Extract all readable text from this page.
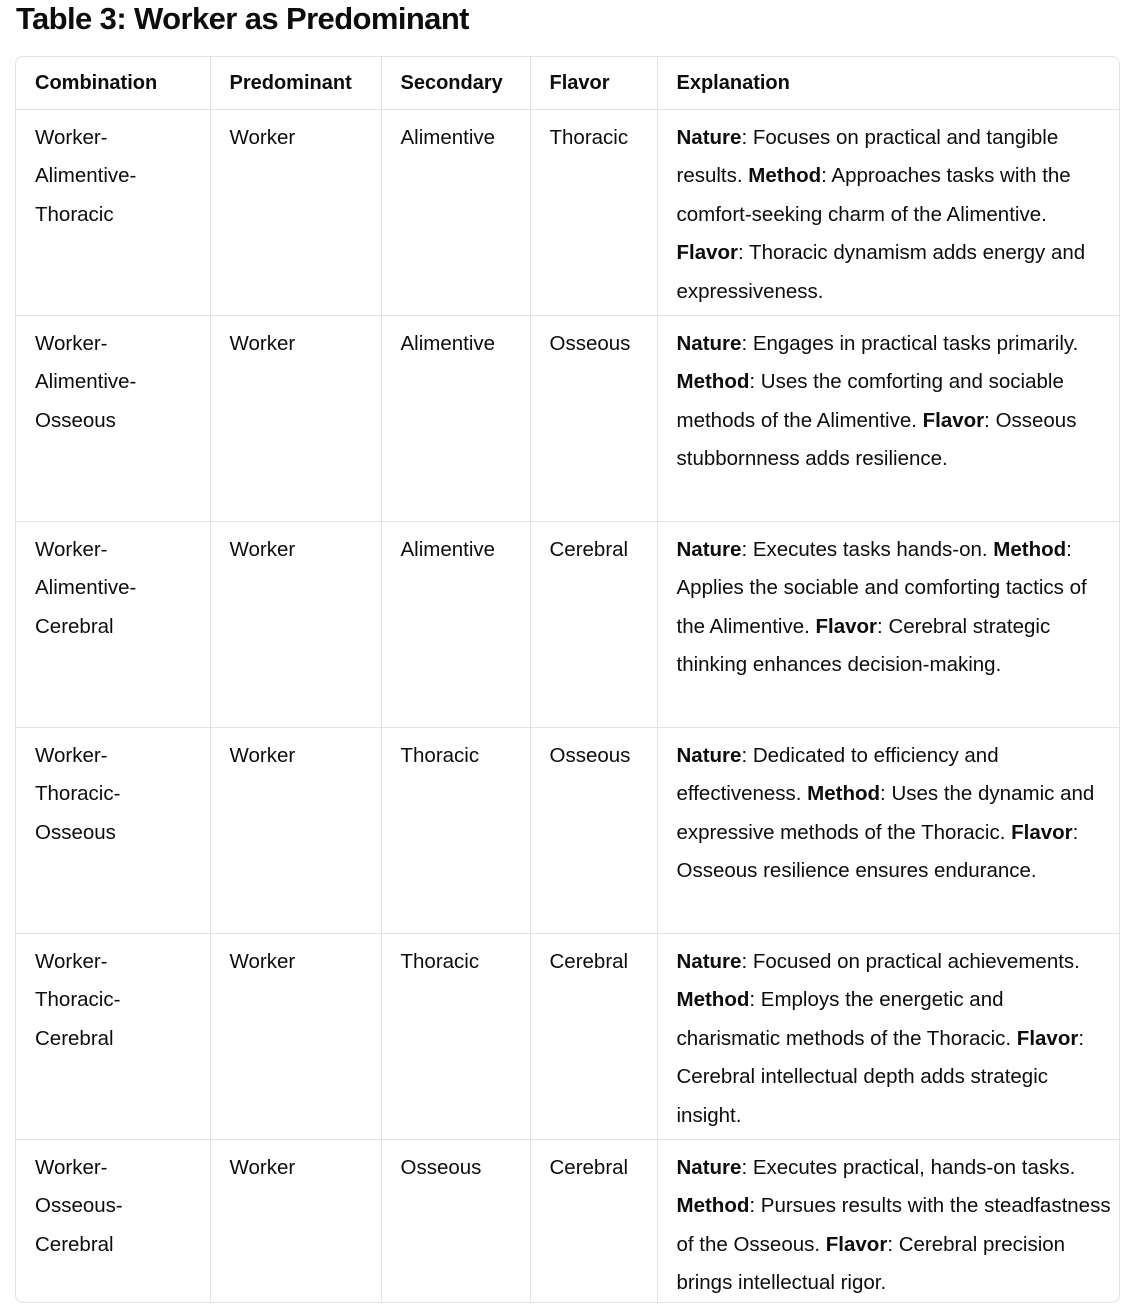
Table 3: Worker as Predominant
Combination	Predominant	Secondary	Flavor	Explanation
Worker-
Alimentive-
Thoracic	Worker	Alimentive	Thoracic	Nature: Focuses on practical and tangible results. Method: Approaches tasks with the comfort-seeking charm of the Alimentive. Flavor: Thoracic dynamism adds energy and expressiveness.
Worker-
Alimentive-
Osseous	Worker	Alimentive	Osseous	Nature: Engages in practical tasks primarily. Method: Uses the comforting and sociable methods of the Alimentive. Flavor: Osseous stubbornness adds resilience.
Worker-
Alimentive-
Cerebral	Worker	Alimentive	Cerebral	Nature: Executes tasks hands-on. Method: Applies the sociable and comforting tactics of the Alimentive. Flavor: Cerebral strategic thinking enhances decision-making.
Worker-
Thoracic-
Osseous	Worker	Thoracic	Osseous	Nature: Dedicated to efficiency and effectiveness. Method: Uses the dynamic and expressive methods of the Thoracic. Flavor: Osseous resilience ensures endurance.
Worker-
Thoracic-
Cerebral	Worker	Thoracic	Cerebral	Nature: Focused on practical achievements. Method: Employs the energetic and charismatic methods of the Thoracic. Flavor: Cerebral intellectual depth adds strategic insight.
Worker-
Osseous-
Cerebral	Worker	Osseous	Cerebral	Nature: Executes practical, hands-on tasks. Method: Pursues results with the steadfastness of the Osseous. Flavor: Cerebral precision brings intellectual rigor.
